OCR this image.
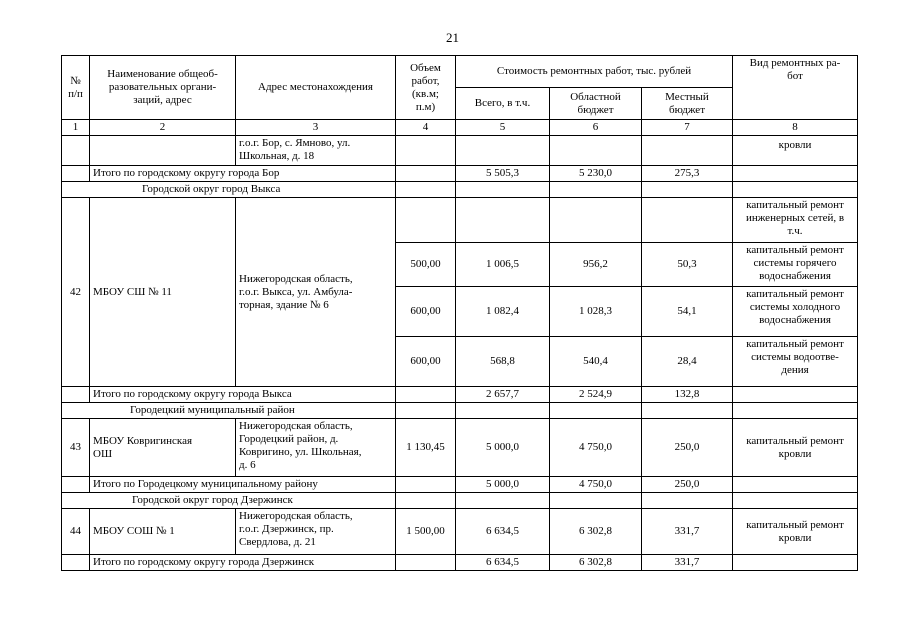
21
№
п/п	Наименование общеоб-
разовательных органи-
заций, адрес	Адрес местонахождения	Объем
работ,
(кв.м;
п.м)	Стоимость ремонтных работ, тыс. рублей			Вид ремонтных ра-
бот
				Всего, в т.ч.	Областной
бюджет	Местный
бюджет	
1	2	3	4	5	6	7	8
		г.о.г. Бор, с. Ямново, ул.
Школьная, д. 18					кровли
	Итого по городскому округу города Бор			5 505,3	5 230,0	275,3	
Городской округ город Выкса							
42	МБОУ СШ № 11	Нижегородская область,
г.о.г. Выкса, ул. Амбула-
торная, здание № 6					капитальный ремонт
инженерных сетей, в
т.ч.
			500,00	1 006,5	956,2	50,3	капитальный ремонт
системы горячего
водоснабжения
			600,00	1 082,4	1 028,3	54,1	капитальный ремонт
системы холодного
водоснабжения
			600,00	568,8	540,4	28,4	капитальный ремонт
системы водоотве-
дения
	Итого по городскому округу города Выкса			2 657,7	2 524,9	132,8	
Городецкий муниципальный район							
43	МБОУ Ковригинская
ОШ	Нижегородская область,
Городецкий район, д.
Ковригино, ул. Школьная,
д. 6	1 130,45	5 000,0	4 750,0	250,0	капитальный ремонт
кровли
	Итого по Городецкому муниципальному району			5 000,0	4 750,0	250,0	
Городской округ город Дзержинск							
44	МБОУ СОШ № 1	Нижегородская область,
г.о.г. Дзержинск, пр.
Свердлова, д. 21	1 500,00	6 634,5	6 302,8	331,7	капитальный ремонт
кровли
	Итого по городскому округу города Дзержинск			6 634,5	6 302,8	331,7	
